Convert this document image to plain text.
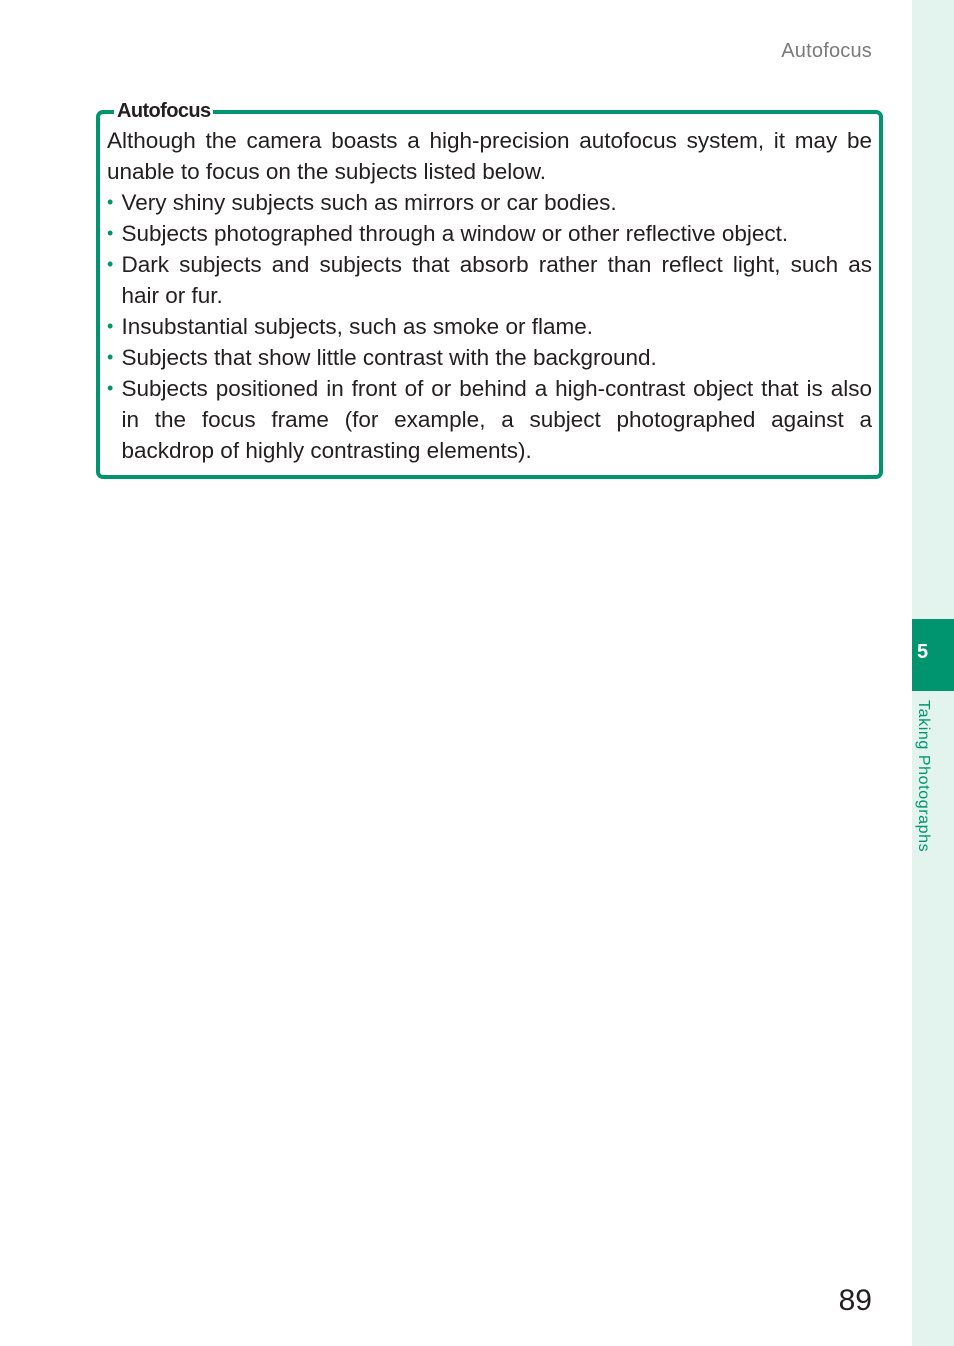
Autofocus
5
Taking Photographs
Autofocus

Although the camera boasts a high-precision autofocus system, it may be unable to focus on the subjects listed below.

• Very shiny subjects such as mirrors or car bodies.
• Subjects photographed through a window or other reflective object.
• Dark subjects and subjects that absorb rather than reflect light, such as hair or fur.
• Insubstantial subjects, such as smoke or flame.
• Subjects that show little contrast with the background.
• Subjects positioned in front of or behind a high-contrast object that is also in the focus frame (for example, a subject photographed against a backdrop of highly contrasting elements).
89
